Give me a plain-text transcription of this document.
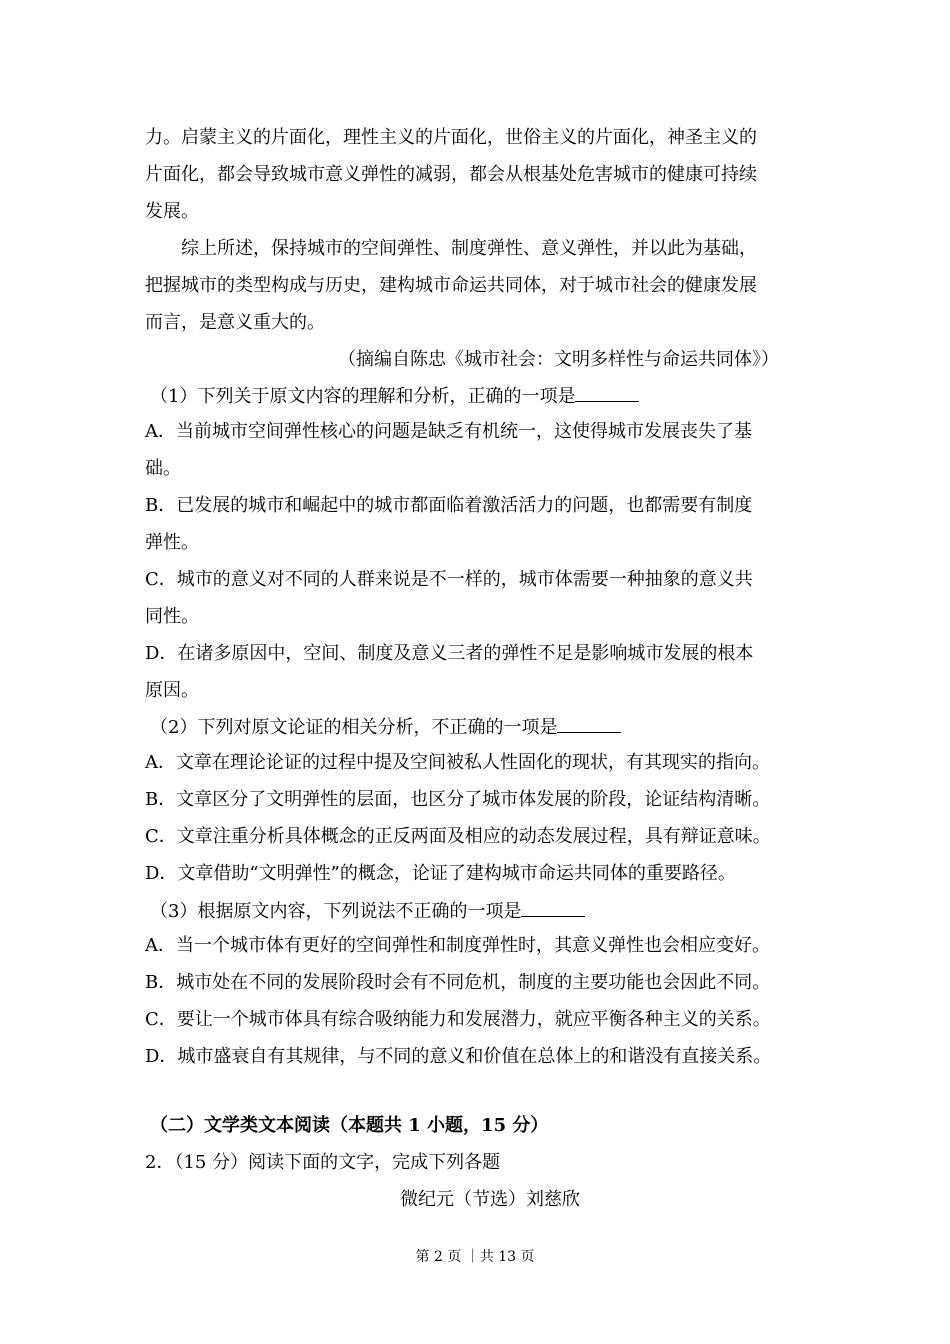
力。启蒙主义的片面化，理性主义的片面化，世俗主义的片面化，神圣主义的
片面化，都会导致城市意义弹性的减弱，都会从根基处危害城市的健康可持续
发展。
综上所述，保持城市的空间弹性、制度弹性、意义弹性，并以此为基础，
把握城市的类型构成与历史，建构城市命运共同体，对于城市社会的健康发展
而言，是意义重大的。
（摘编自陈忠《城市社会：文明多样性与命运共同体》）
（1）下列关于原文内容的理解和分析，正确的一项是
A．当前城市空间弹性核心的问题是缺乏有机统一，这使得城市发展丧失了基
础。
B．已发展的城市和崛起中的城市都面临着激活活力的问题，也都需要有制度
弹性。
C．城市的意义对不同的人群来说是不一样的，城市体需要一种抽象的意义共
同性。
D．在诸多原因中，空间、制度及意义三者的弹性不足是影响城市发展的根本
原因。
（2）下列对原文论证的相关分析，不正确的一项是
A．文章在理论论证的过程中提及空间被私人性固化的现状，有其现实的指向。
B．文章区分了文明弹性的层面，也区分了城市体发展的阶段，论证结构清晰。
C．文章注重分析具体概念的正反两面及相应的动态发展过程，具有辩证意味。
D．文章借助“文明弹性”的概念，论证了建构城市命运共同体的重要路径。
（3）根据原文内容，下列说法不正确的一项是
A．当一个城市体有更好的空间弹性和制度弹性时，其意义弹性也会相应变好。
B．城市处在不同的发展阶段时会有不同危机，制度的主要功能也会因此不同。
C．要让一个城市体具有综合吸纳能力和发展潜力，就应平衡各种主义的关系。
D．城市盛衰自有其规律，与不同的意义和价值在总体上的和谐没有直接关系。
（二）文学类文本阅读（本题共 1 小题，15 分）
2．（15 分）阅读下面的文字，完成下列各题
微纪元（节选）刘慈欣
第 2 页 ｜共 13 页
